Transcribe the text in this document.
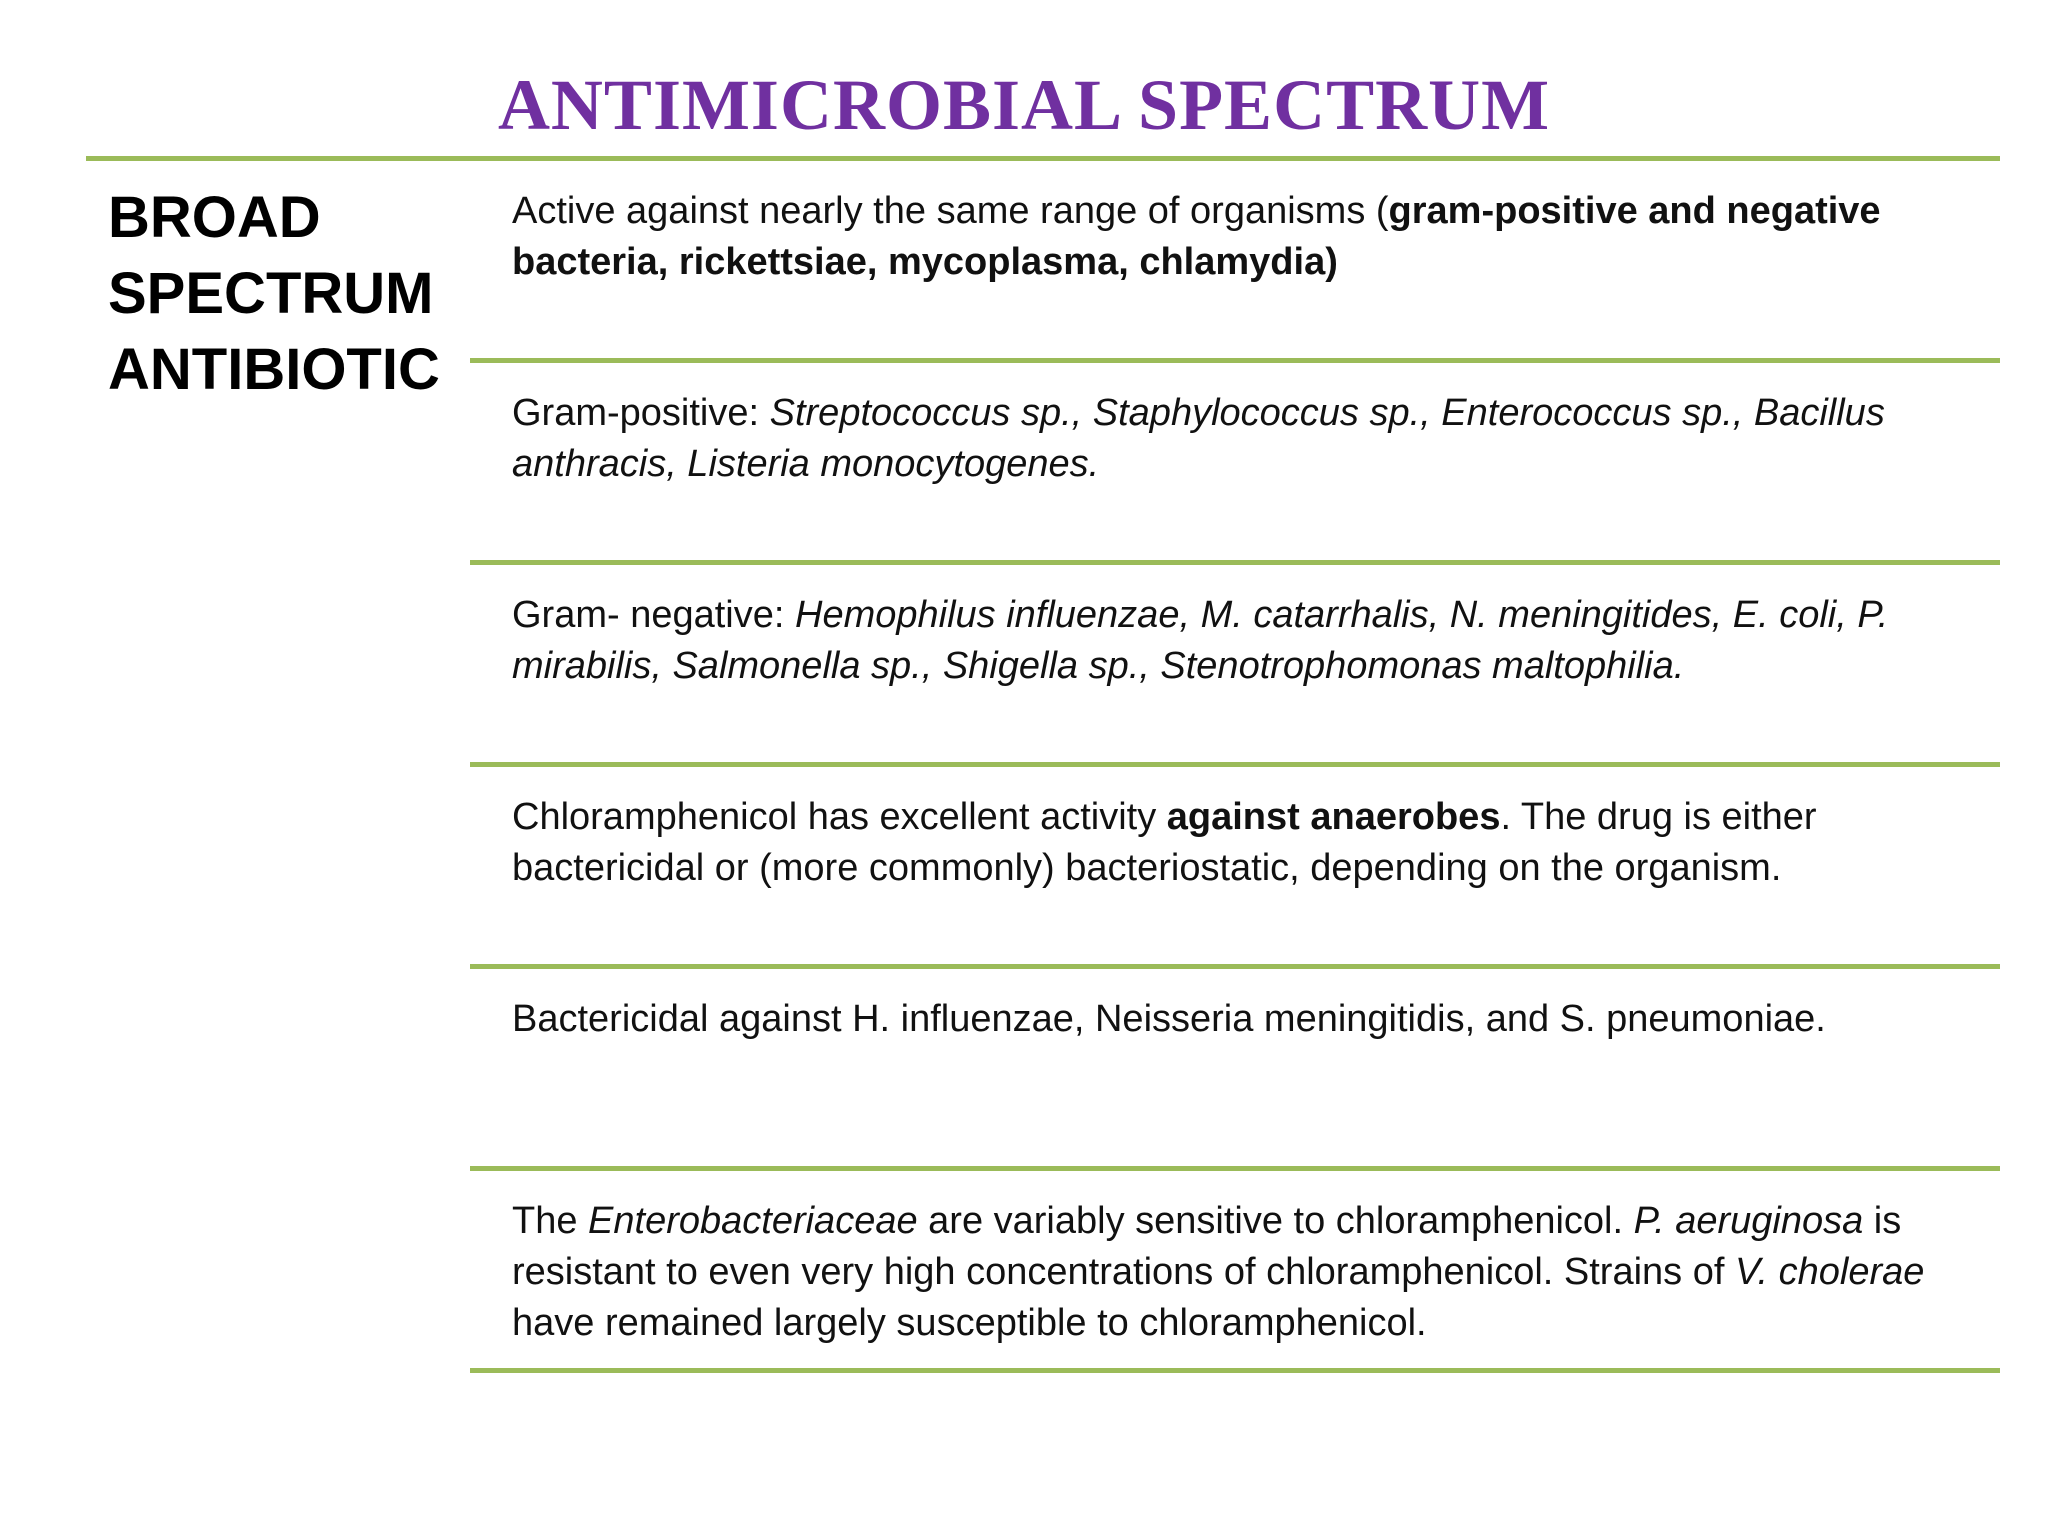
ANTIMICROBIAL SPECTRUM
BROAD
SPECTRUM
ANTIBIOTIC
Active against nearly the same range of organisms (gram-positive and negative bacteria, rickettsiae, mycoplasma, chlamydia)
Gram-positive: Streptococcus sp., Staphylococcus sp., Enterococcus sp., Bacillus anthracis, Listeria monocytogenes.
Gram- negative: Hemophilus influenzae, M. catarrhalis, N. meningitides, E. coli, P. mirabilis, Salmonella sp., Shigella sp., Stenotrophomonas maltophilia.
Chloramphenicol has excellent activity against anaerobes. The drug is either bactericidal or (more commonly) bacteriostatic, depending on the organism.
Bactericidal against H. influenzae, Neisseria meningitidis, and S. pneumoniae.
The Enterobacteriaceae are variably sensitive to chloramphenicol. P. aeruginosa is resistant to even very high concentrations of chloramphenicol. Strains of V. cholerae have remained largely susceptible to chloramphenicol.
